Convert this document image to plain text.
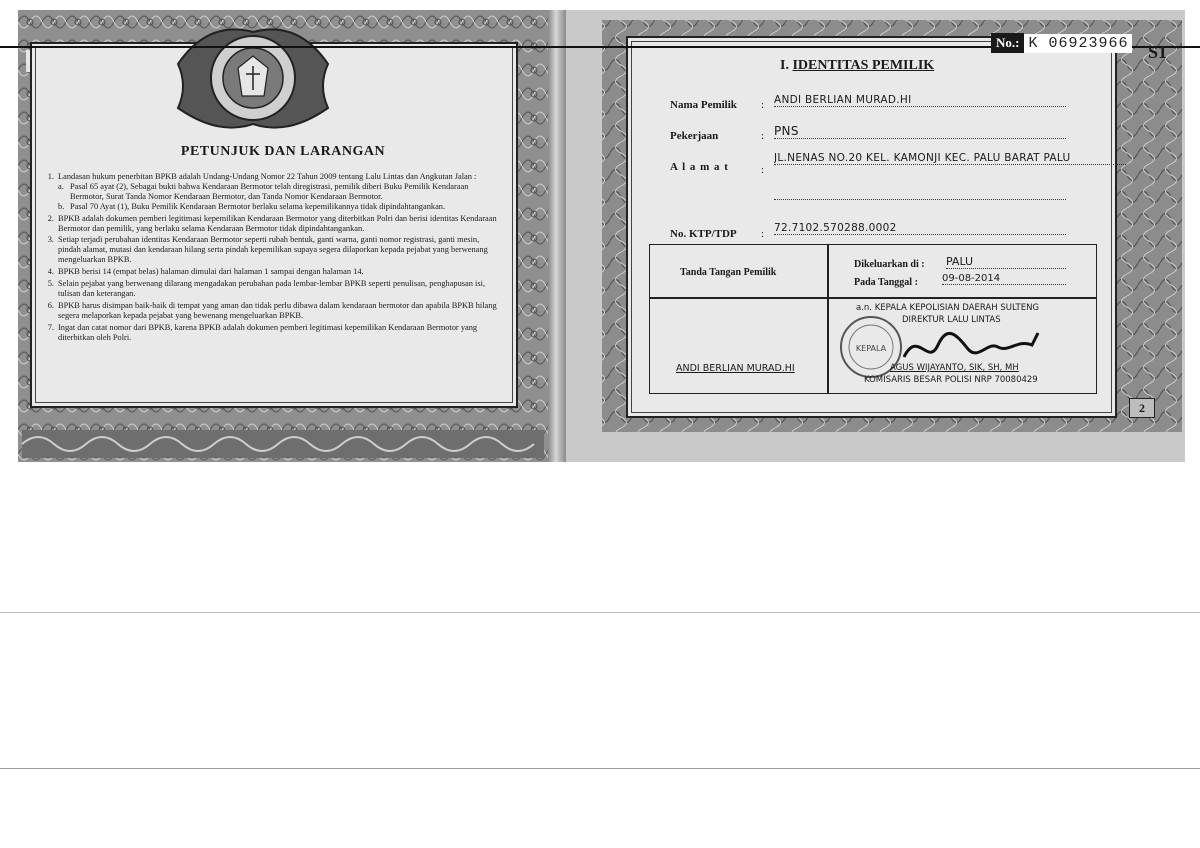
PETUNJUK DAN LARANGAN
1. Landasan hukum penerbitan BPKB adalah Undang-Undang Nomor 22 Tahun 2009 tentang Lalu Lintas dan Angkutan Jalan :
a. Pasal 65 ayat (2), Sebagai bukti bahwa Kendaraan Bermotor telah diregistrasi, pemilik diberi Buku Pemilik Kendaraan Bermotor, Surat Tanda Nomor Kendaraan Bermotor, dan Tanda Nomor Kendaraan Bermotor.
b. Pasal 70 Ayat (1), Buku Pemilik Kendaraan Bermotor berlaku selama kepemilikannya tidak dipindahtangankan.
2. BPKB adalah dokumen pemberi legitimasi kepemilikan Kendaraan Bermotor yang diterbitkan Polri dan berisi identitas Kendaraan Bermotor dan pemilik, yang berlaku selama Kendaraan Bermotor tidak dipindahtangankan.
3. Setiap terjadi perubahan identitas Kendaraan Bermotor seperti rubah bentuk, ganti warna, ganti nomor registrasi, ganti mesin, pindah alamat, mutasi dan kendaraan hilang serta pindah kepemilikan supaya segera dilaporkan kepada pejabat yang berwenang mengeluarkan BPKB.
4. BPKB berisi 14 (empat belas) halaman dimulai dari halaman 1 sampai dengan halaman 14.
5. Selain pejabat yang berwenang dilarang mengadakan perubahan pada lembar-lembar BPKB seperti penulisan, penghapusan isi, tulisan dan keterangan.
6. BPKB harus disimpan baik-baik di tempat yang aman dan tidak perlu dibawa dalam kendaraan bermotor dan apabila BPKB hilang segera melaporkan kepada pejabat yang bewenang mengeluarkan BPKB.
7. Ingat dan catat nomor dari BPKB, karena BPKB adalah dokumen pemberi legitimasi kepemilikan Kendaraan Bermotor yang diterbitkan oleh Polri.
No.: K 06923966 S1
I. IDENTITAS PEMILIK
Nama Pemilik : ANDI BERLIAN MURAD.HI
Pekerjaan	: PNS
A l a m a t	:
JL.NENAS NO.20 KEL. KAMONJI KEC. PALU BARAT PALU
No. KTP/TDP : 72.7102.570288.0002
Tanda Tangan Pemilik
Dikeluarkan di : PALU
Pada Tanggal : 09-08-2014
ANDI BERLIAN MURAD.HI
KEPALA
a.n. KEPALA KEPOLISIAN DAERAH SULTENG
DIREKTUR LALU LINTAS
AGUS WIJAYANTO, SIK, SH, MH
KOMISARIS BESAR POLISI NRP 70080429
2
